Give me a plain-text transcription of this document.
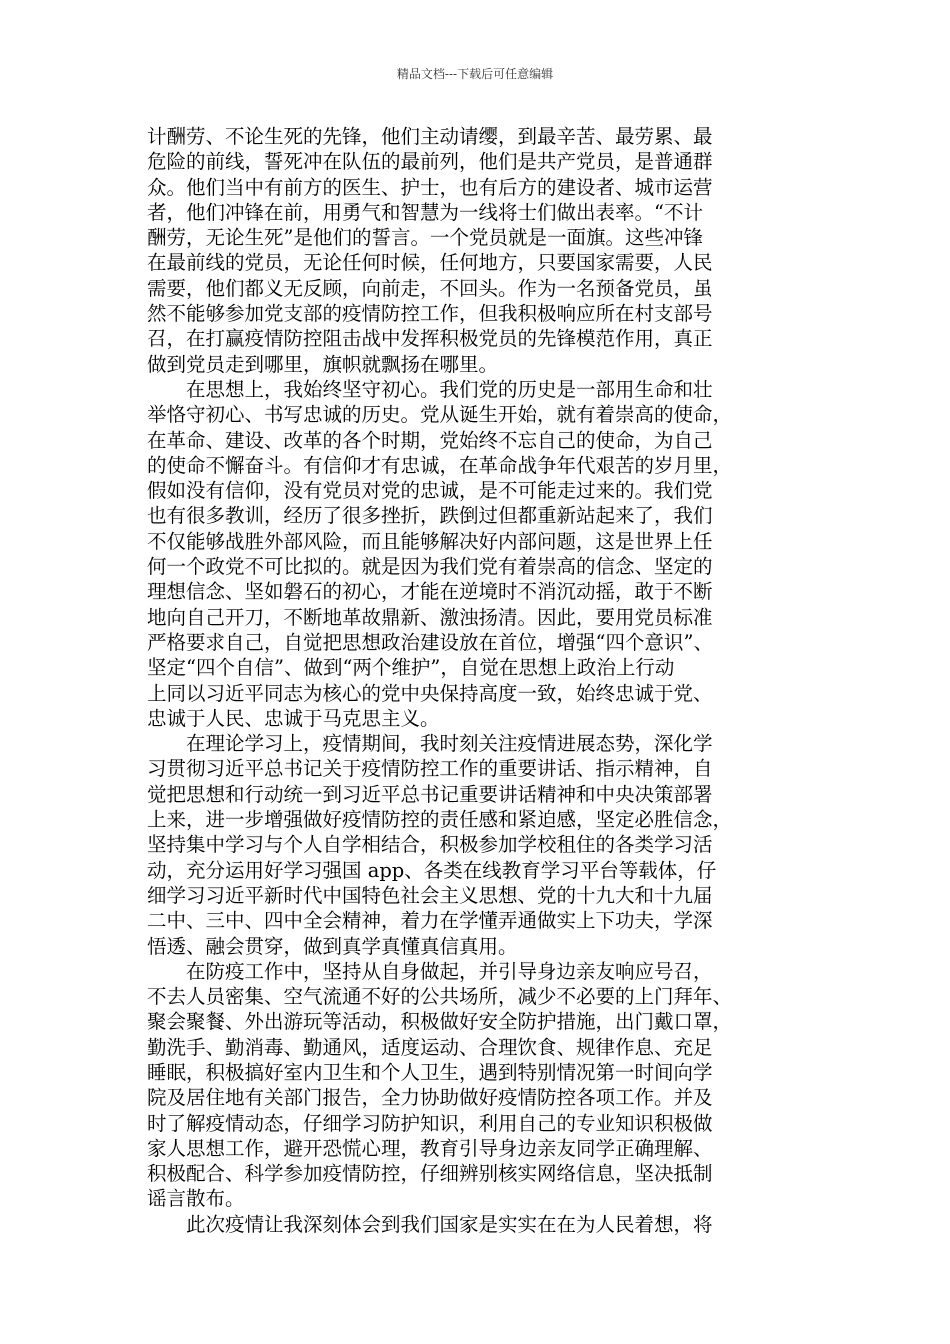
精品文档---下载后可任意编辑
计酬劳、不论生死的先锋，他们主动请缨，到最辛苦、最劳累、最
危险的前线，誓死冲在队伍的最前列，他们是共产党员，是普通群
众。他们当中有前方的医生、护士，也有后方的建设者、城市运营
者，他们冲锋在前，用勇气和智慧为一线将士们做出表率。“不计
酬劳，无论生死”是他们的誓言。一个党员就是一面旗。这些冲锋
在最前线的党员，无论任何时候，任何地方，只要国家需要，人民
需要，他们都义无反顾，向前走，不回头。作为一名预备党员，虽
然不能够参加党支部的疫情防控工作，但我积极响应所在村支部号
召，在打赢疫情防控阻击战中发挥积极党员的先锋模范作用，真正
做到党员走到哪里，旗帜就飘扬在哪里。
　　在思想上，我始终坚守初心。我们党的历史是一部用生命和壮
举恪守初心、书写忠诚的历史。党从诞生开始，就有着崇高的使命，
在革命、建设、改革的各个时期，党始终不忘自己的使命，为自己
的使命不懈奋斗。有信仰才有忠诚，在革命战争年代艰苦的岁月里，
假如没有信仰，没有党员对党的忠诚，是不可能走过来的。我们党
也有很多教训，经历了很多挫折，跌倒过但都重新站起来了，我们
不仅能够战胜外部风险，而且能够解决好内部问题，这是世界上任
何一个政党不可比拟的。就是因为我们党有着崇高的信念、坚定的
理想信念、坚如磐石的初心，才能在逆境时不消沉动摇，敢于不断
地向自己开刀，不断地革故鼎新、激浊扬清。因此，要用党员标准
严格要求自己，自觉把思想政治建设放在首位，增强“四个意识”、
坚定“四个自信”、做到“两个维护”，自觉在思想上政治上行动
上同以习近平同志为核心的党中央保持高度一致，始终忠诚于党、
忠诚于人民、忠诚于马克思主义。
　　在理论学习上，疫情期间，我时刻关注疫情进展态势，深化学
习贯彻习近平总书记关于疫情防控工作的重要讲话、指示精神，自
觉把思想和行动统一到习近平总书记重要讲话精神和中央决策部署
上来，进一步增强做好疫情防控的责任感和紧迫感，坚定必胜信念，
坚持集中学习与个人自学相结合，积极参加学校租住的各类学习活
动，充分运用好学习强国 app、各类在线教育学习平台等载体，仔
细学习习近平新时代中国特色社会主义思想、党的十九大和十九届
二中、三中、四中全会精神，着力在学懂弄通做实上下功夫，学深
悟透、融会贯穿，做到真学真懂真信真用。
　　在防疫工作中，坚持从自身做起，并引导身边亲友响应号召，
不去人员密集、空气流通不好的公共场所，减少不必要的上门拜年、
聚会聚餐、外出游玩等活动，积极做好安全防护措施，出门戴口罩，
勤洗手、勤消毒、勤通风，适度运动、合理饮食、规律作息、充足
睡眠，积极搞好室内卫生和个人卫生，遇到特别情况第一时间向学
院及居住地有关部门报告，全力协助做好疫情防控各项工作。并及
时了解疫情动态，仔细学习防护知识，利用自己的专业知识积极做
家人思想工作，避开恐慌心理，教育引导身边亲友同学正确理解、
积极配合、科学参加疫情防控，仔细辨别核实网络信息，坚决抵制
谣言散布。
　　此次疫情让我深刻体会到我们国家是实实在在为人民着想，将
